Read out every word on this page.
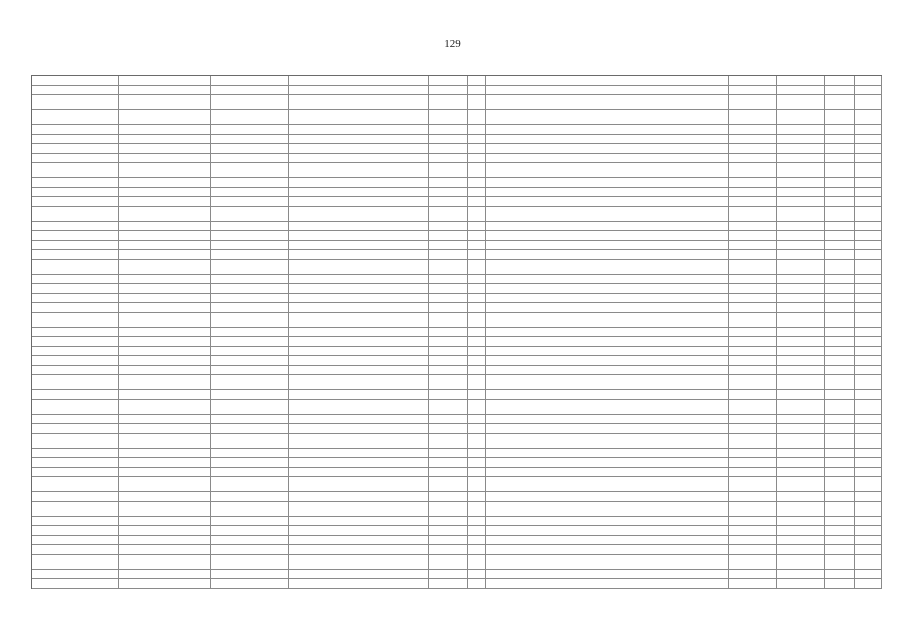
129
